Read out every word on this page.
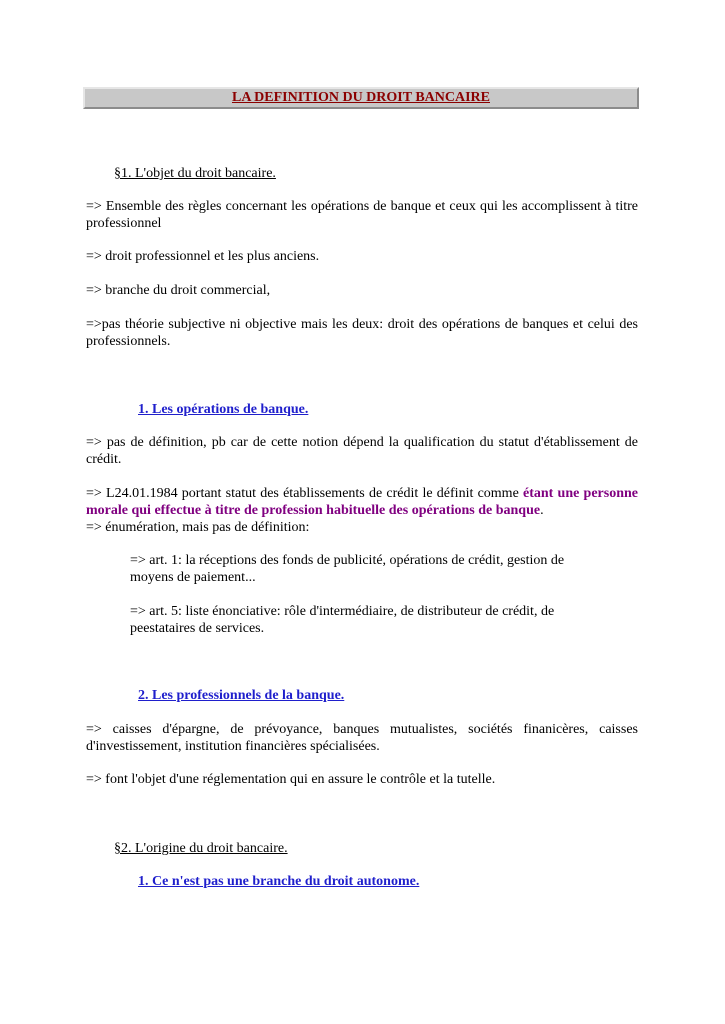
LA DEFINITION DU DROIT BANCAIRE
§1. L'objet du droit bancaire.
=> Ensemble des règles concernant les opérations de banque et ceux qui les accomplissent à titre professionnel
=> droit professionnel et les plus anciens.
=> branche du droit commercial,
=>pas théorie subjective ni objective mais les deux: droit des opérations de banques et celui des professionnels.
1. Les opérations de banque.
=> pas de définition, pb car de cette notion dépend la qualification du statut d'établissement de crédit.
=> L24.01.1984 portant statut des établissements de crédit le définit comme étant une personne morale qui effectue à titre de profession habituelle des opérations de banque.
=> énumération, mais pas de définition:
=> art. 1: la réceptions des fonds de publicité, opérations de crédit, gestion de moyens de paiement...
=> art. 5: liste énonciative: rôle d'intermédiaire, de distributeur de crédit, de peestataires de services.
2. Les professionnels de la banque.
=> caisses d'épargne, de prévoyance, banques mutualistes, sociétés finanicères, caisses d'investissement, institution financières spécialisées.
=> font l'objet d'une réglementation qui en assure le contrôle et la tutelle.
§2. L'origine du droit bancaire.
1. Ce n'est pas une branche du droit autonome.
